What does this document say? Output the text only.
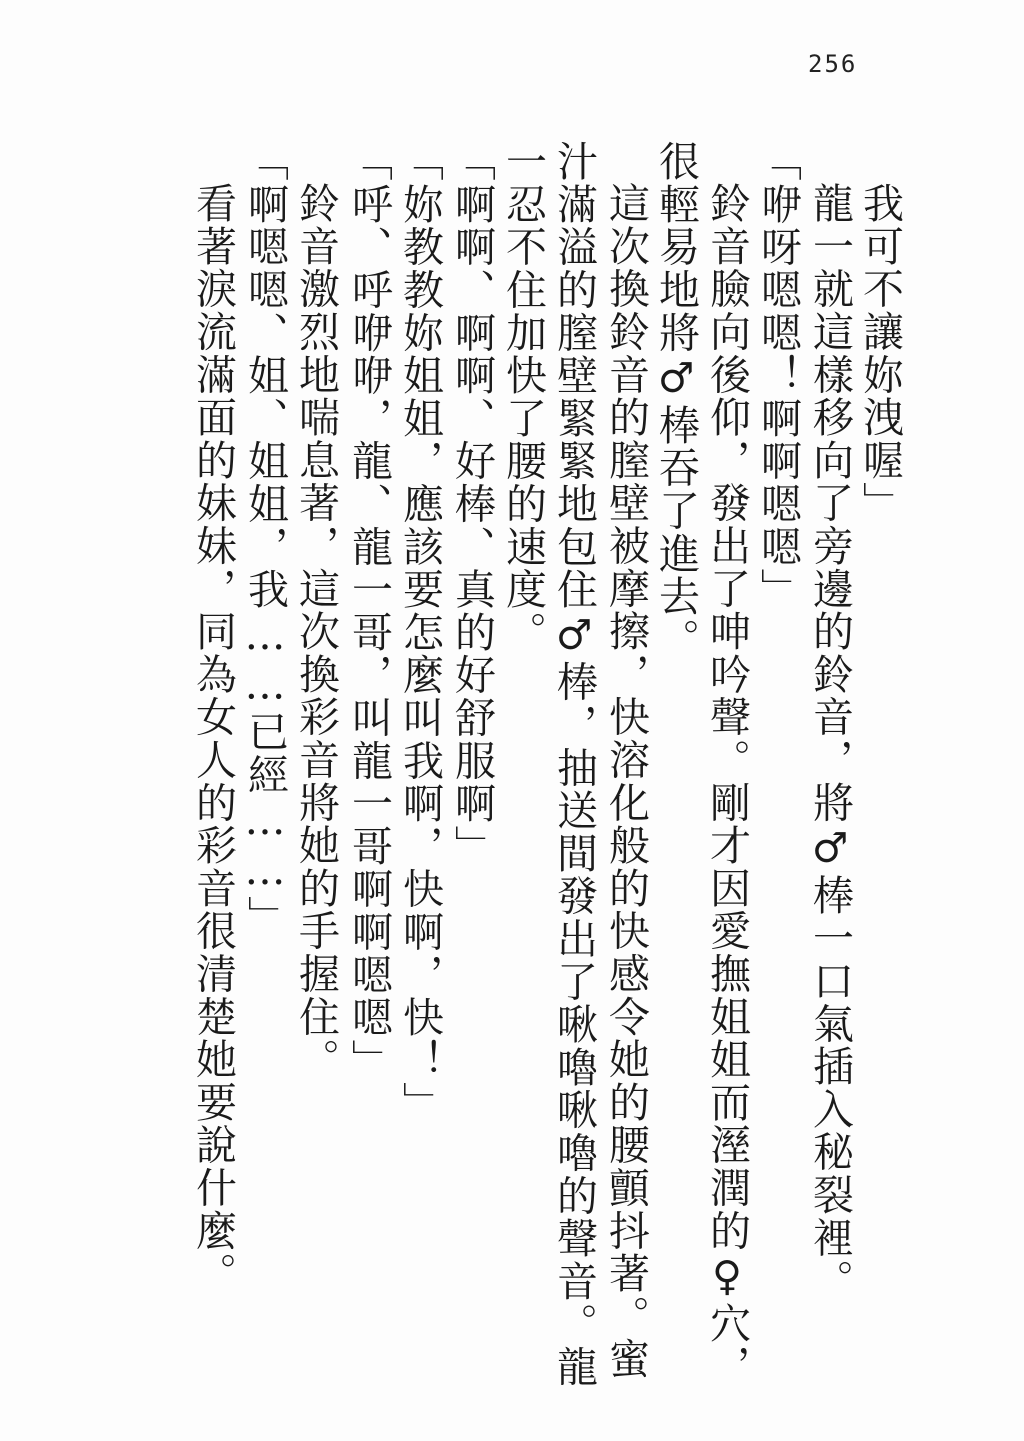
256
我可不讓妳洩喔」
龍一就這樣移向了旁邊的鈴音，將♂棒一口氣插入秘裂裡。
「咿呀嗯嗯！啊啊嗯嗯」
鈴音臉向後仰，發出了呻吟聲。剛才因愛撫姐姐而溼潤的♀穴，
很輕易地將♂棒吞了進去。
這次換鈴音的膣壁被摩擦，快溶化般的快感令她的腰顫抖著。蜜
汁滿溢的膣壁緊緊地包住♂棒，抽送間發出了啾嚕啾嚕的聲音。龍
一忍不住加快了腰的速度。
「啊啊、啊啊、好棒、真的好舒服啊」
「妳教教妳姐姐，應該要怎麼叫我啊，快啊，快！」
「呼、呼咿咿，龍、龍一哥，叫龍一哥啊啊嗯嗯」
鈴音激烈地喘息著，這次換彩音將她的手握住。
「啊嗯嗯、姐、姐姐，我……已經……」
看著淚流滿面的妹妹，同為女人的彩音很清楚她要說什麼。
